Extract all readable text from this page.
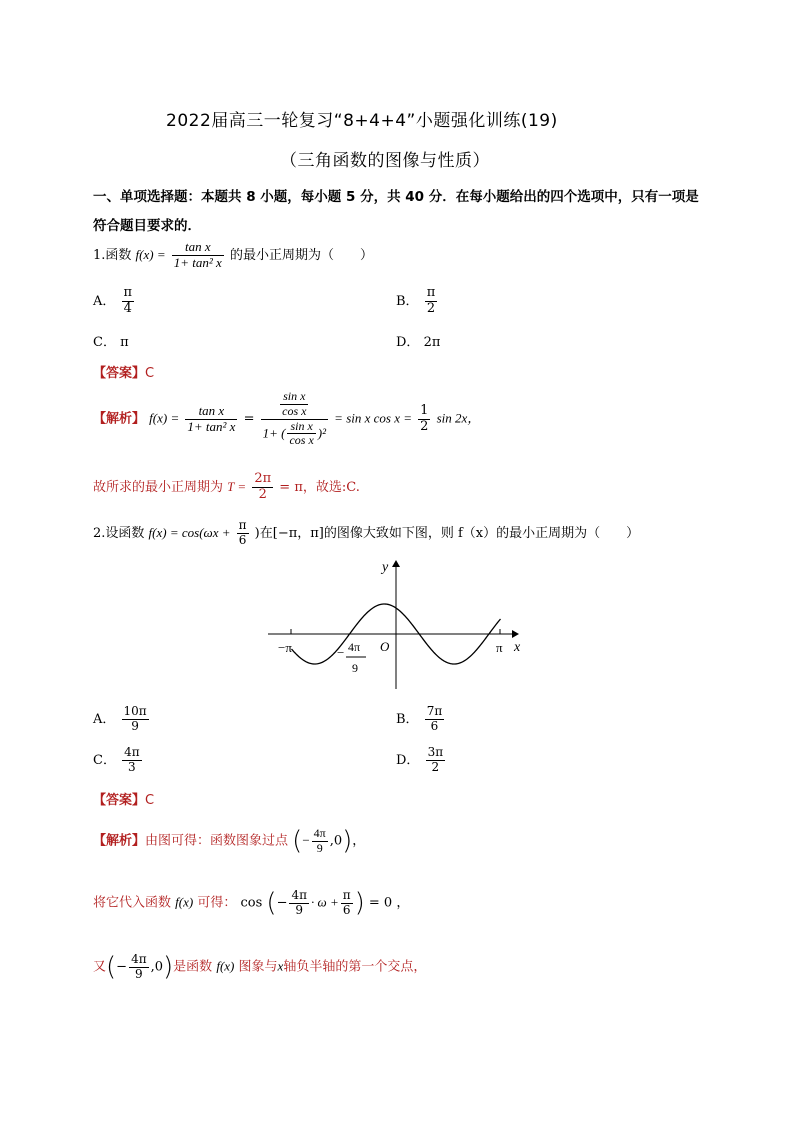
2022届高三一轮复习“8+4+4”小题强化训练(19)
（三角函数的图像与性质）
一、单项选择题：本题共 8 小题，每小题 5 分，共 40 分．在每小题给出的四个选项中，只有一项是
符合题目要求的．
1.函数 $f(x) = \frac{\text{tan x}}{\text{1+ tan² x}}$ 的最小正周期为（　　）
A． $\frac{\pi}{4}$	B． $\frac{\pi}{2}$
C． π	D． 2π
【答案】C
【解析】 $f(x) = \frac{\text{tan x}}{\text{1+ tan² x}} = \frac{\frac{\text{sin x}}{\text{cos x}}}{1+ ( \frac{\text{sin x}}{\text{cos x}} )^2} = \sin x$ $\cos x = \frac{1}{2}$ sin 2x，
故所求的最小正周期为 $T = \frac{2\pi}{2} = \pi$，故选:C.
2.设函数 $f(x) = \cos(\omega x + \frac{\pi}{6}$ )在[−π，π]的图像大致如下图，则 f（x）的最小正周期为（　　）
y
x
O
−π	π
− 4π
9
A． $\frac{10\pi}{9}$	B． $\frac{7\pi}{6}$
C． $\frac{4\pi}{3}$	D． $\frac{3\pi}{2}$
【答案】C
【解析】由图可得：函数图象过点 (− $\frac{4\pi}{9} ,0$)，
将它代入函数 f(x) 可得： cos (− $\frac{4\pi}{9} \cdot \omega + \frac{\pi}{6}$ ) = 0 ，
又(− $\frac{4\pi}{9} ,0$)是函数 f(x) 图象与x轴负半轴的第一个交点，
